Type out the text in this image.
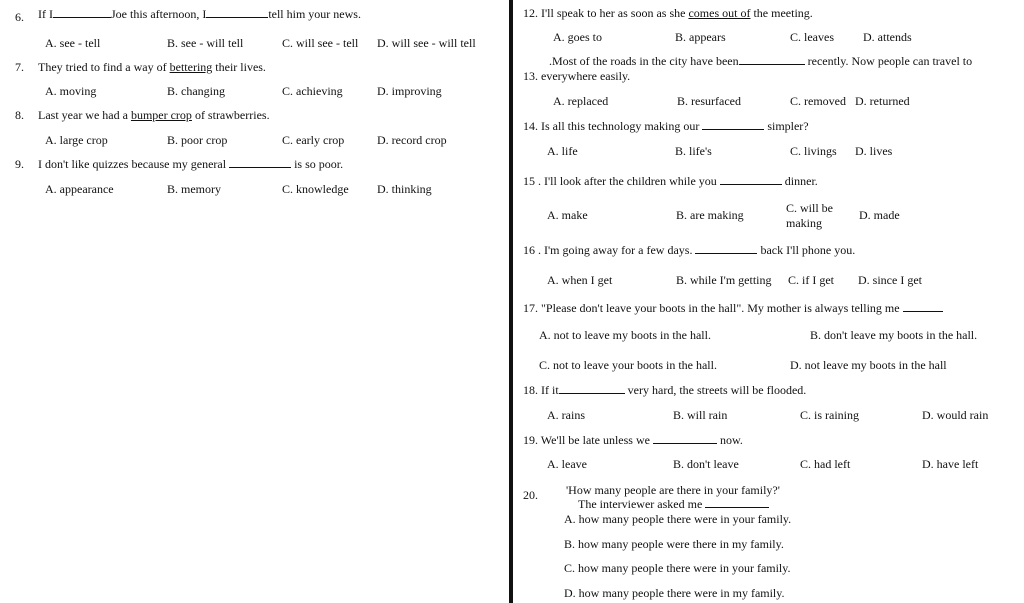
6. If I	Joe this afternoon, I	tell him your news.
A. see - tell	B. see - will tell	C. will see - tell D. will see - will tell
7. They tried to find a way of bettering their lives.
A. moving	B. changing	C. achieving	D. improving
8. Last year we had a bumper crop of strawberries.
A. large crop	B. poor crop	C. early crop	D. record crop
9. I don't like quizzes because my general	is so poor.
A. appearance	B. memory	C. knowledge D. thinking
12. I'll speak to her as soon as she comes out of the meeting.
A. goes to	B. appears	C. leaves D. attends
.Most of the roads in the city have been	recently. Now people can travel to
13. everywhere easily.
A. replaced	B. resurfaced	C. removed D. returned
14. Is all this technology making our	simpler?
A. life	B. life's	C. livings D. lives
15 . I'll look after the children while you	dinner.
A. make	B. are making	C. will be
making
D. made
16 . I'm going away for a few days.	back I'll phone you.
A. when I get	B. while I'm getting C. if I get D. since I get
17. "Please don't leave your boots in the hall". My mother is always telling me
A. not to leave my boots in the hall.	B. don't leave my boots in the hall.
C. not to leave your boots in the hall.	D. not leave my boots in the hall
18. If it	very hard, the streets will be flooded.
A. rains	B. will rain	C. is raining	D. would rain
19. We'll be late unless we	now.
A. leave	B. don't leave	C. had left	D. have left
20. 'How many people are there in your family?'
The interviewer asked me
A. how many people there were in your family.
B. how many people were there in my family.
C. how many people there were in your family.
D. how many people there were in my family.
